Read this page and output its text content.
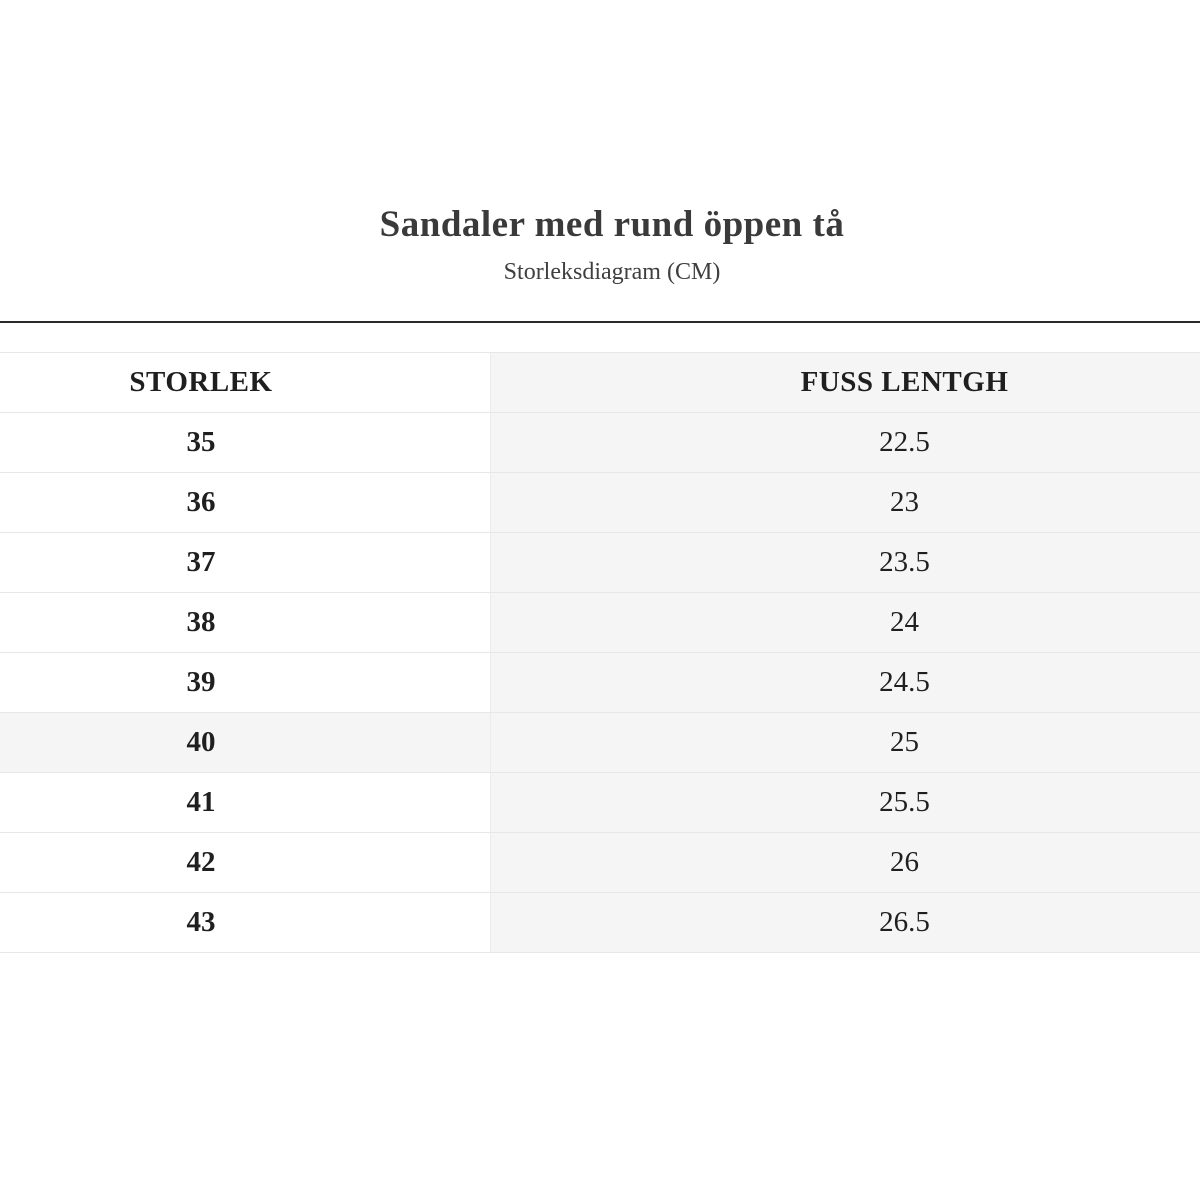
Sandaler med rund öppen tå

Storleksdiagram (CM)

STORLEK	FUSS LENTGH
35	22.5
36	23
37	23.5
38	24
39	24.5
40	25
41	25.5
42	26
43	26.5
